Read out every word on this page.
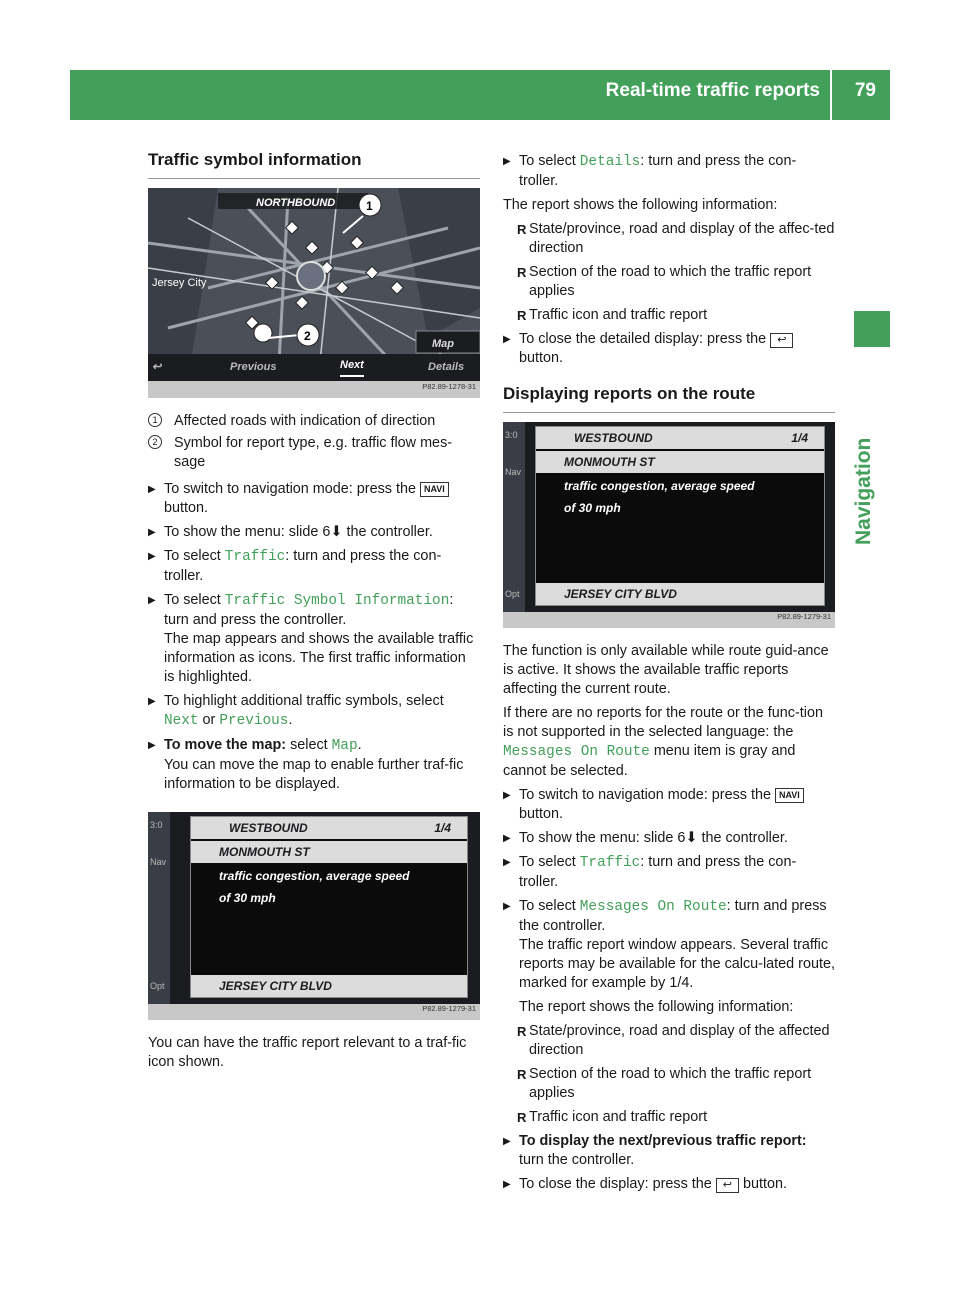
Real-time traffic reports 79
Navigation
Traffic symbol information
NORTHBOUND
Jersey City
1
2
Map
↩	Previous	Next	Details
P82.89-1278-31
1	Affected roads with indication of direction
2	Symbol for report type, e.g. traffic flow mes-sage
▶ To switch to navigation mode: press the NAVI
button.
▶ To show the menu: slide 6⬇ the controller.
▶ To select Traffic: turn and press the con-troller.
▶ To select Traffic Symbol Information:
turn and press the controller.
The map appears and shows the available traffic information as icons. The first traffic information is highlighted.
▶ To highlight additional traffic symbols, select
Next or Previous.
▶ To move the map: select Map.
You can move the map to enable further traf-fic information to be displayed.
3:0
Nav
Opt
WESTBOUND	1/4
MONMOUTH ST
traffic congestion, average speed
of 30 mph
JERSEY CITY BLVD
P82.89-1279-31

You can have the traffic report relevant to a traf-fic icon shown.

▶ To select Details: turn and press the con-troller.

The report shows the following information:

R State/province, road and display of the affec-ted direction
R Section of the road to which the traffic report applies
R Traffic icon and traffic report
▶ To close the detailed display: press the ↩
button.
Displaying reports on the route
3:0
Nav
Opt
WESTBOUND	1/4
MONMOUTH ST
traffic congestion, average speed
of 30 mph
JERSEY CITY BLVD
P82.89-1279-31

The function is only available while route guid-ance is active. It shows the available traffic reports affecting the current route.

If there are no reports for the route or the func-tion is not supported in the selected language: the Messages On Route menu item is gray and cannot be selected.

▶ To switch to navigation mode: press the NAVI
button.
▶ To show the menu: slide 6⬇ the controller.
▶ To select Traffic: turn and press the con-troller.
▶ To select Messages On Route: turn and press the controller.
The traffic report window appears. Several traffic reports may be available for the calcu-lated route, marked for example by 1/4.
The report shows the following information:
R State/province, road and display of the affected direction
R Section of the road to which the traffic report applies
R Traffic icon and traffic report
▶ To display the next/previous traffic report: turn the controller.
▶ To close the display: press the ↩ button.
